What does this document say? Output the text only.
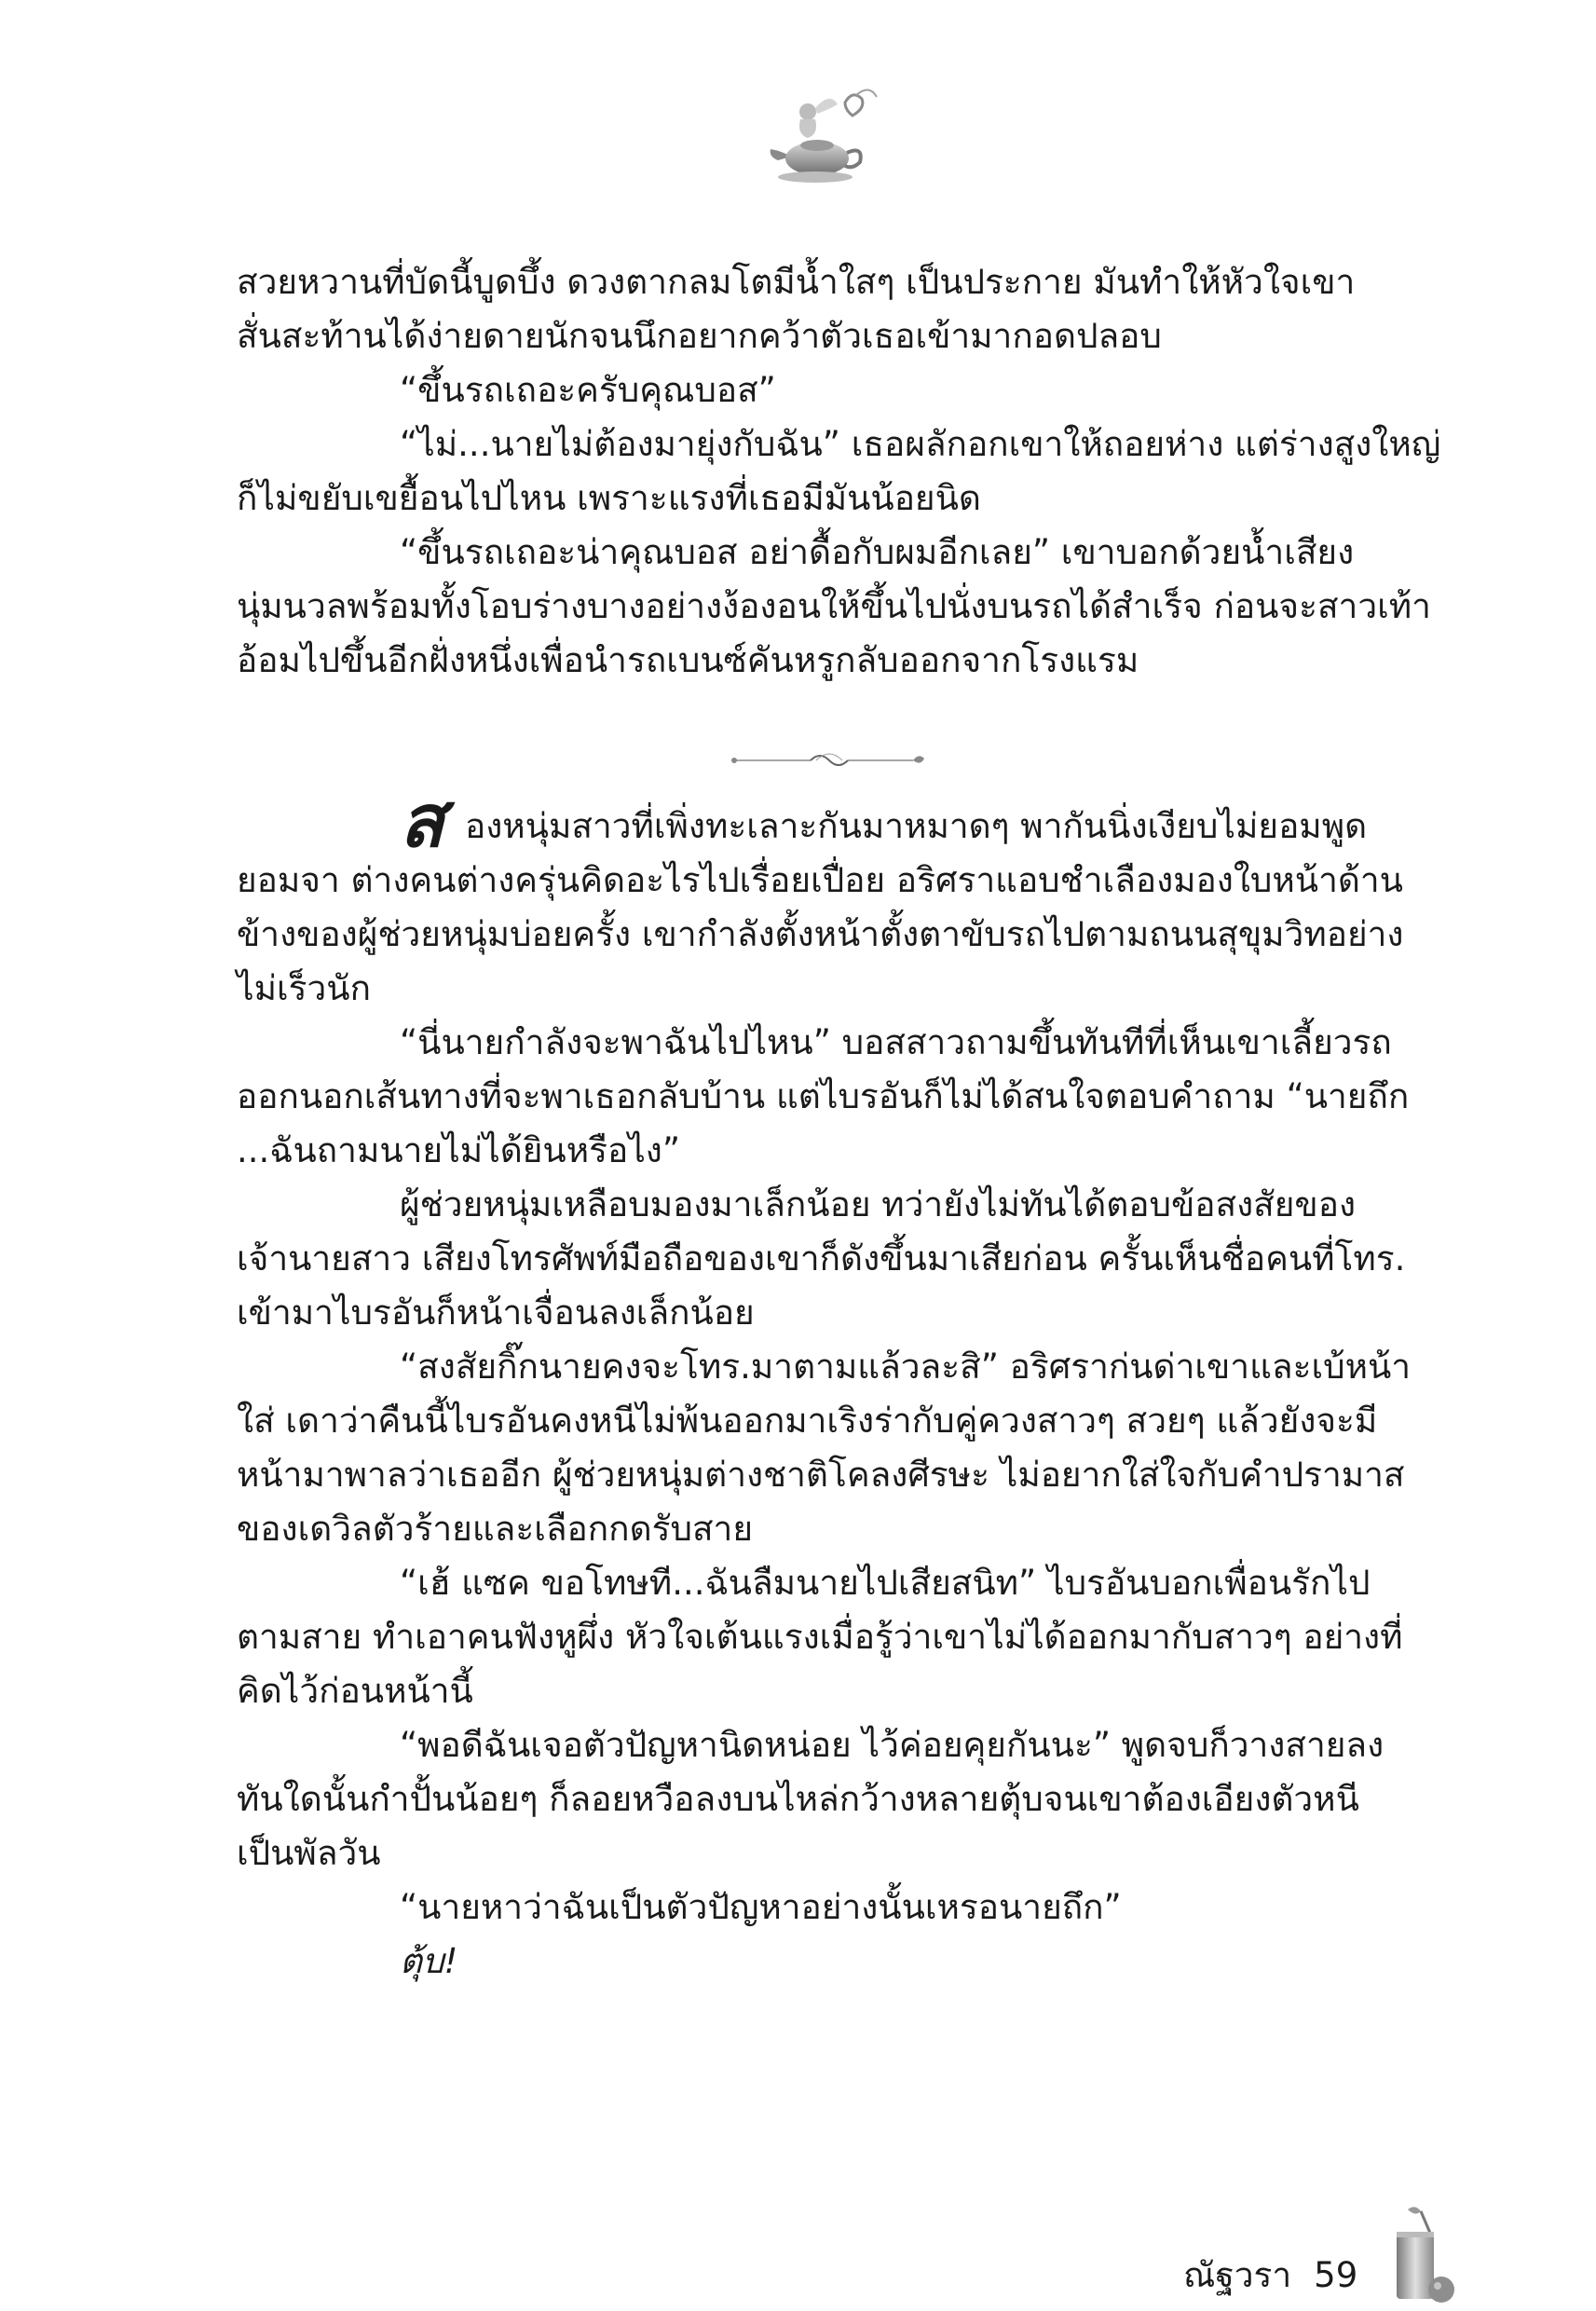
สวยหวานที่บัดนี้บูดบึ้ง ดวงตากลมโตมีน้ำใสๆ เป็นประกาย มันทำให้หัวใจเขา
สั่นสะท้านได้ง่ายดายนักจนนึกอยากคว้าตัวเธอเข้ามากอดปลอบ
“ขึ้นรถเถอะครับคุณบอส”
“ไม่...นายไม่ต้องมายุ่งกับฉัน” เธอผลักอกเขาให้ถอยห่าง แต่ร่างสูงใหญ่
ก็ไม่ขยับเขยื้อนไปไหน เพราะแรงที่เธอมีมันน้อยนิด
“ขึ้นรถเถอะน่าคุณบอส อย่าดื้อกับผมอีกเลย” เขาบอกด้วยน้ำเสียง
นุ่มนวลพร้อมทั้งโอบร่างบางอย่างง้องอนให้ขึ้นไปนั่งบนรถได้สำเร็จ ก่อนจะสาวเท้า
อ้อมไปขึ้นอีกฝั่งหนึ่งเพื่อนำรถเบนซ์คันหรูกลับออกจากโรงแรม
ส องหนุ่มสาวที่เพิ่งทะเลาะกันมาหมาดๆ พากันนิ่งเงียบไม่ยอมพูด
ยอมจา ต่างคนต่างครุ่นคิดอะไรไปเรื่อยเปื่อย อริศราแอบชำเลืองมองใบหน้าด้าน
ข้างของผู้ช่วยหนุ่มบ่อยครั้ง เขากำลังตั้งหน้าตั้งตาขับรถไปตามถนนสุขุมวิทอย่าง
ไม่เร็วนัก
“นี่นายกำลังจะพาฉันไปไหน” บอสสาวถามขึ้นทันทีที่เห็นเขาเลี้ยวรถ
ออกนอกเส้นทางที่จะพาเธอกลับบ้าน แต่ไบรอันก็ไม่ได้สนใจตอบคำถาม “นายถึก
...ฉันถามนายไม่ได้ยินหรือไง”
ผู้ช่วยหนุ่มเหลือบมองมาเล็กน้อย ทว่ายังไม่ทันได้ตอบข้อสงสัยของ
เจ้านายสาว เสียงโทรศัพท์มือถือของเขาก็ดังขึ้นมาเสียก่อน ครั้นเห็นชื่อคนที่โทร.
เข้ามาไบรอันก็หน้าเจื่อนลงเล็กน้อย
“สงสัยกิ๊กนายคงจะโทร.มาตามแล้วละสิ” อริศราก่นด่าเขาและเบ้หน้า
ใส่ เดาว่าคืนนี้ไบรอันคงหนีไม่พ้นออกมาเริงร่ากับคู่ควงสาวๆ สวยๆ แล้วยังจะมี
หน้ามาพาลว่าเธออีก ผู้ช่วยหนุ่มต่างชาติโคลงศีรษะ ไม่อยากใส่ใจกับคำปรามาส
ของเดวิลตัวร้ายและเลือกกดรับสาย
“เฮ้ แซค ขอโทษที...ฉันลืมนายไปเสียสนิท” ไบรอันบอกเพื่อนรักไป
ตามสาย ทำเอาคนฟังหูผึ่ง หัวใจเต้นแรงเมื่อรู้ว่าเขาไม่ได้ออกมากับสาวๆ อย่างที่
คิดไว้ก่อนหน้านี้
“พอดีฉันเจอตัวปัญหานิดหน่อย ไว้ค่อยคุยกันนะ” พูดจบก็วางสายลง
ทันใดนั้นกำปั้นน้อยๆ ก็ลอยหวือลงบนไหล่กว้างหลายตุ้บจนเขาต้องเอียงตัวหนี
เป็นพัลวัน
“นายหาว่าฉันเป็นตัวปัญหาอย่างนั้นเหรอนายถึก”
ตุ้บ!
ณัฐวรา 59
